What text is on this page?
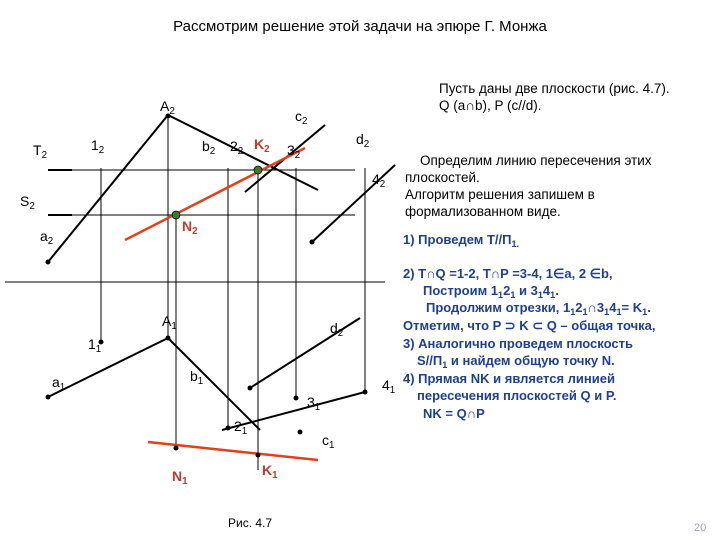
Рассмотрим решение этой задачи на эпюре Г. Монжа
Пусть даны две плоскости (рис. 4.7).
Q (a∩b), P (c//d).
Определим линию пересечения этих
плоскостей.
Алгоритм решения запишем в
формализованном виде.
1) Проведем $T//П_{1.}$
2) T∩Q =1-2, T∩P =3-4, 1∈a, 2 ∈b,
Построим $1_12_1$ и $3_14_1$.
Продолжим отрезки, $1_12_1\cap 3_14_1= K_1$.
Отметим, что P ⊃ K ⊂ Q – общая точка,
3) Аналогично проведем плоскость
$S//П_1$ и найдем общую точку N.
4) Прямая NK и является линией
пересечения плоскостей Q и P.
NK = Q∩P
$A_2$	$c_2$
$T_2$
$1_2$	$b_2$ $2_2$ $K_2$ $3_2$
$d_2$
$4_2$
$S_2$
$a_2$
$N_2$
$A_1$	$d_2$
$1_1$
$a_1$
$b_1$	$4_1$
$3_1$
$2_1$
$c_1$
$K_1$
$N_1$
Рис. 4.7	20
